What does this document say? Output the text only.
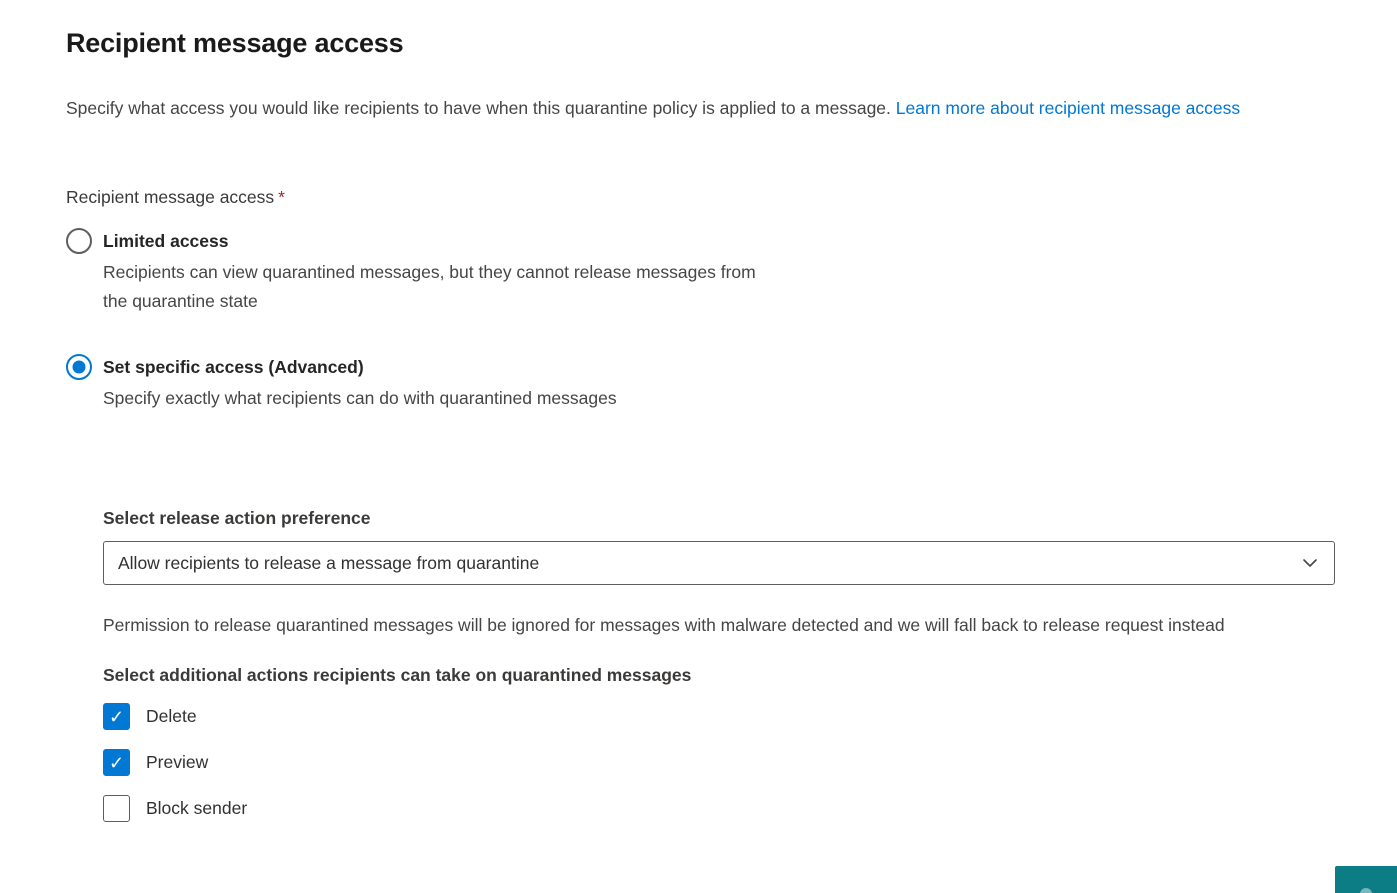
Recipient message access

Specify what access you would like recipients to have when this quarantine policy is applied to a message. Learn more about recipient message access

Recipient message access *
Limited access

Recipients can view quarantined messages, but they cannot release messages from the quarantine state

Set specific access (Advanced)

Specify exactly what recipients can do with quarantined messages

Select release action preference
Allow recipients to release a message from quarantine

Permission to release quarantined messages will be ignored for messages with malware detected and we will fall back to release request instead

Select additional actions recipients can take on quarantined messages
✓ Delete
✓ Preview
Block sender
